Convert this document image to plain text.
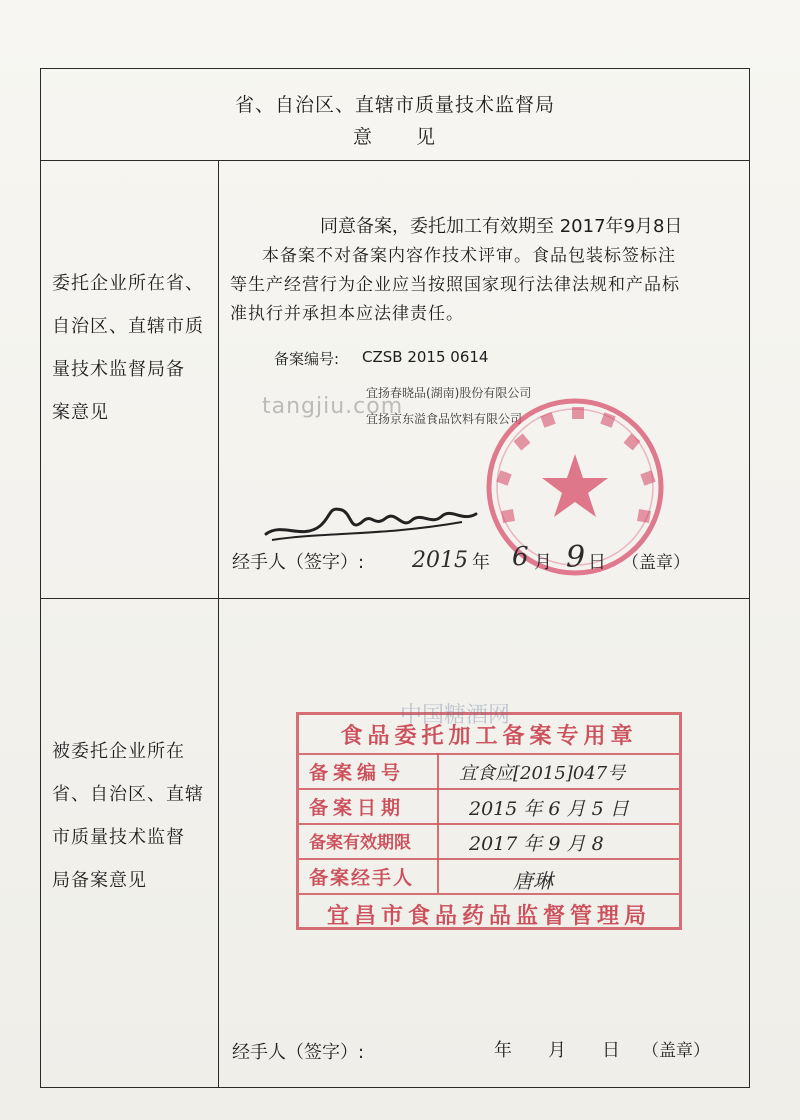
省、自治区、直辖市质量技术监督局
意　　见
委托企业所在省、
自治区、直辖市质
量技术监督局备
案意见
同意备案，委托加工有效期至 2017年9月8日
本备案不对备案内容作技术评审。食品包装标签标注
等生产经营行为企业应当按照国家现行法律法规和产品标
准执行并承担本应法律责任。
备案编号: CZSB 2015 0614
宜扬春晓品(湖南)股份有限公司
宜扬京东溢食品饮料有限公司
tangjiu.com
经手人（签字）: 2015 年 6 月 9 日 （盖章）
被委托企业所在
省、自治区、直辖
市质量技术监督
局备案意见
食品委托加工备案专用章
备案编号
备案日期
备案有效期限
备案经手人
宜食应[2015]047号
2015 年 6 月 5 日
2017 年 9 月 8
唐琳
宜昌市食品药品监督管理局
中国糖酒网
经手人（签字）:	年　　月　　日 （盖章）
